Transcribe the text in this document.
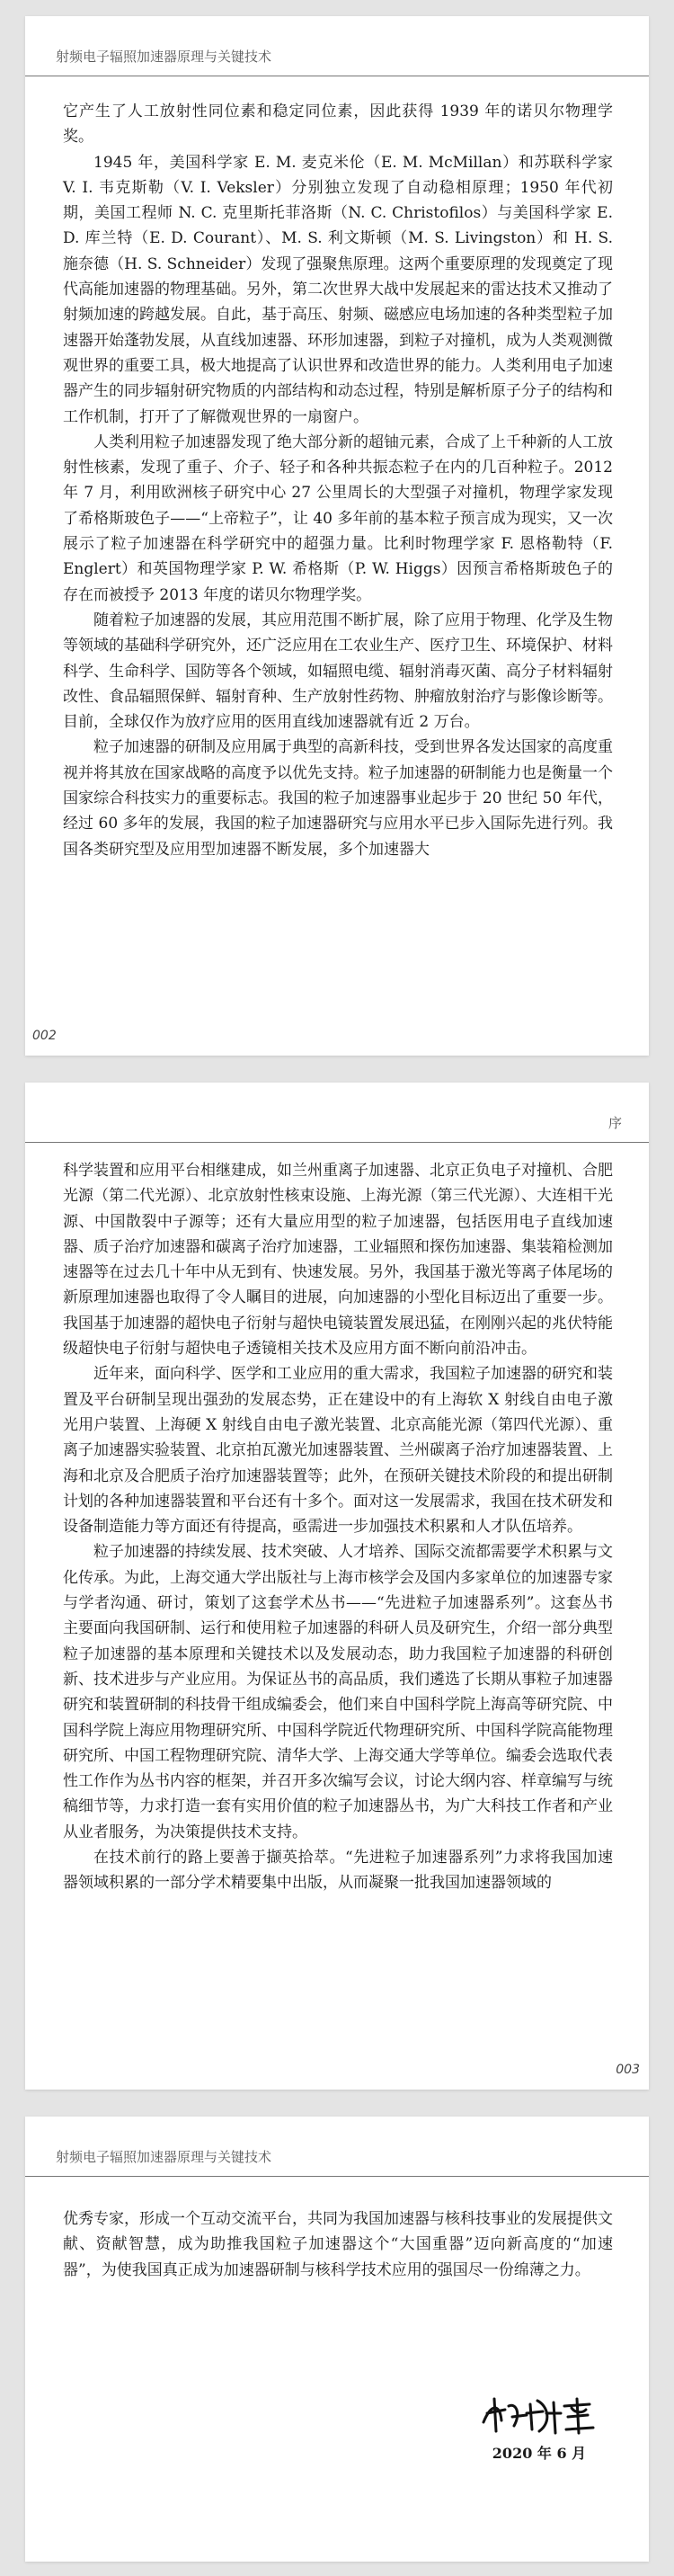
射频电子辐照加速器原理与关键技术

它产生了人工放射性同位素和稳定同位素，因此获得 1939 年的诺贝尔物理学奖。

1945 年，美国科学家 E. M. 麦克米伦（E. M. McMillan）和苏联科学家 V. I. 韦克斯勒（V. I. Veksler）分别独立发现了自动稳相原理；1950 年代初期，美国工程师 N. C. 克里斯托菲洛斯（N. C. Christofilos）与美国科学家 E. D. 库兰特（E. D. Courant）、M. S. 利文斯顿（M. S. Livingston）和 H. S. 施奈德（H. S. Schneider）发现了强聚焦原理。这两个重要原理的发现奠定了现代高能加速器的物理基础。另外，第二次世界大战中发展起来的雷达技术又推动了射频加速的跨越发展。自此，基于高压、射频、磁感应电场加速的各种类型粒子加速器开始蓬勃发展，从直线加速器、环形加速器，到粒子对撞机，成为人类观测微观世界的重要工具，极大地提高了认识世界和改造世界的能力。人类利用电子加速器产生的同步辐射研究物质的内部结构和动态过程，特别是解析原子分子的结构和工作机制，打开了了解微观世界的一扇窗户。

人类利用粒子加速器发现了绝大部分新的超铀元素，合成了上千种新的人工放射性核素，发现了重子、介子、轻子和各种共振态粒子在内的几百种粒子。2012 年 7 月，利用欧洲核子研究中心 27 公里周长的大型强子对撞机，物理学家发现了希格斯玻色子——“上帝粒子”，让 40 多年前的基本粒子预言成为现实，又一次展示了粒子加速器在科学研究中的超强力量。比利时物理学家 F. 恩格勒特（F. Englert）和英国物理学家 P. W. 希格斯（P. W. Higgs）因预言希格斯玻色子的存在而被授予 2013 年度的诺贝尔物理学奖。

随着粒子加速器的发展，其应用范围不断扩展，除了应用于物理、化学及生物等领域的基础科学研究外，还广泛应用在工农业生产、医疗卫生、环境保护、材料科学、生命科学、国防等各个领域，如辐照电缆、辐射消毒灭菌、高分子材料辐射改性、食品辐照保鲜、辐射育种、生产放射性药物、肿瘤放射治疗与影像诊断等。目前，全球仅作为放疗应用的医用直线加速器就有近 2 万台。

粒子加速器的研制及应用属于典型的高新科技，受到世界各发达国家的高度重视并将其放在国家战略的高度予以优先支持。粒子加速器的研制能力也是衡量一个国家综合科技实力的重要标志。我国的粒子加速器事业起步于 20 世纪 50 年代，经过 60 多年的发展，我国的粒子加速器研究与应用水平已步入国际先进行列。我国各类研究型及应用型加速器不断发展，多个加速器大

002
序

科学装置和应用平台相继建成，如兰州重离子加速器、北京正负电子对撞机、合肥光源（第二代光源）、北京放射性核束设施、上海光源（第三代光源）、大连相干光源、中国散裂中子源等；还有大量应用型的粒子加速器，包括医用电子直线加速器、质子治疗加速器和碳离子治疗加速器，工业辐照和探伤加速器、集装箱检测加速器等在过去几十年中从无到有、快速发展。另外，我国基于激光等离子体尾场的新原理加速器也取得了令人瞩目的进展，向加速器的小型化目标迈出了重要一步。我国基于加速器的超快电子衍射与超快电镜装置发展迅猛，在刚刚兴起的兆伏特能级超快电子衍射与超快电子透镜相关技术及应用方面不断向前沿冲击。

近年来，面向科学、医学和工业应用的重大需求，我国粒子加速器的研究和装置及平台研制呈现出强劲的发展态势，正在建设中的有上海软 X 射线自由电子激光用户装置、上海硬 X 射线自由电子激光装置、北京高能光源（第四代光源）、重离子加速器实验装置、北京拍瓦激光加速器装置、兰州碳离子治疗加速器装置、上海和北京及合肥质子治疗加速器装置等；此外，在预研关键技术阶段的和提出研制计划的各种加速器装置和平台还有十多个。面对这一发展需求，我国在技术研发和设备制造能力等方面还有待提高，亟需进一步加强技术积累和人才队伍培养。

粒子加速器的持续发展、技术突破、人才培养、国际交流都需要学术积累与文化传承。为此，上海交通大学出版社与上海市核学会及国内多家单位的加速器专家与学者沟通、研讨，策划了这套学术丛书——“先进粒子加速器系列”。这套丛书主要面向我国研制、运行和使用粒子加速器的科研人员及研究生，介绍一部分典型粒子加速器的基本原理和关键技术以及发展动态，助力我国粒子加速器的科研创新、技术进步与产业应用。为保证丛书的高品质，我们遴选了长期从事粒子加速器研究和装置研制的科技骨干组成编委会，他们来自中国科学院上海高等研究院、中国科学院上海应用物理研究所、中国科学院近代物理研究所、中国科学院高能物理研究所、中国工程物理研究院、清华大学、上海交通大学等单位。编委会选取代表性工作作为丛书内容的框架，并召开多次编写会议，讨论大纲内容、样章编写与统稿细节等，力求打造一套有实用价值的粒子加速器丛书，为广大科技工作者和产业从业者服务，为决策提供技术支持。

在技术前行的路上要善于撷英拾萃。“先进粒子加速器系列”力求将我国加速器领域积累的一部分学术精要集中出版，从而凝聚一批我国加速器领域的

003
射频电子辐照加速器原理与关键技术

优秀专家，形成一个互动交流平台，共同为我国加速器与核科技事业的发展提供文献、资献智慧，成为助推我国粒子加速器这个“大国重器”迈向新高度的“加速器”，为使我国真正成为加速器研制与核科学技术应用的强国尽一份绵薄之力。

2020 年 6 月
